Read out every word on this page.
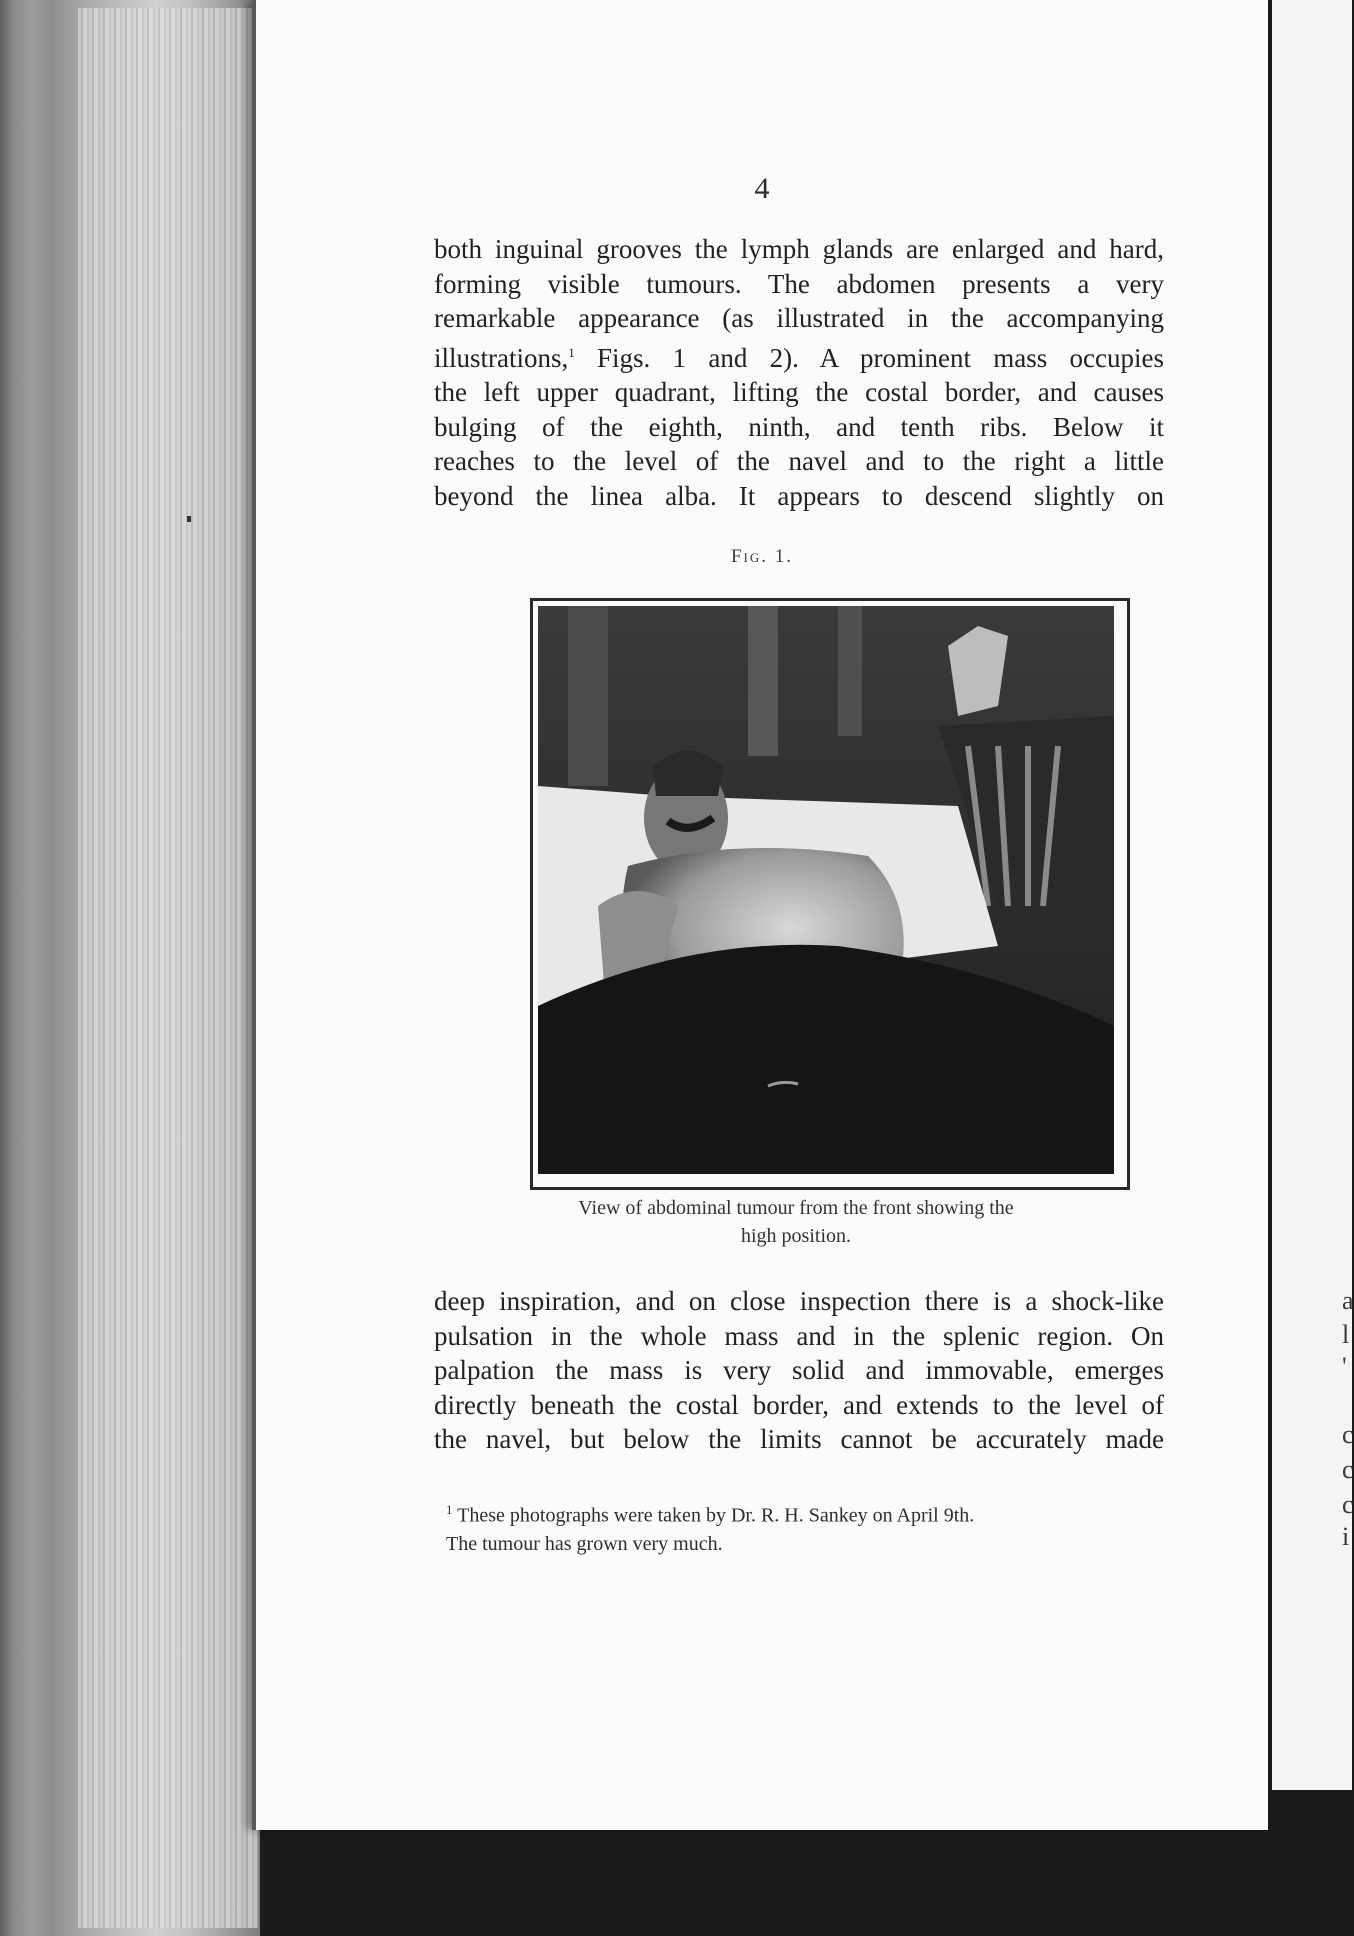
a
l
'
c
c
c
i
4
both inguinal grooves the lymph glands are enlarged and hard,
forming visible tumours. The abdomen presents a very
remarkable appearance (as illustrated in the accompanying
illustrations,$^1$ Figs. 1 and 2). A prominent mass occupies
the left upper quadrant, lifting the costal border, and causes
bulging of the eighth, ninth, and tenth ribs. Below it
reaches to the level of the navel and to the right a little
beyond the linea alba. It appears to descend slightly on
Fig. 1.
View of abdominal tumour from the front showing the
high position.
deep inspiration, and on close inspection there is a shock-like
pulsation in the whole mass and in the splenic region. On
palpation the mass is very solid and immovable, emerges
directly beneath the costal border, and extends to the level of
the navel, but below the limits cannot be accurately made
$^1$ These photographs were taken by Dr. R. H. Sankey on April 9th.
The tumour has grown very much.
